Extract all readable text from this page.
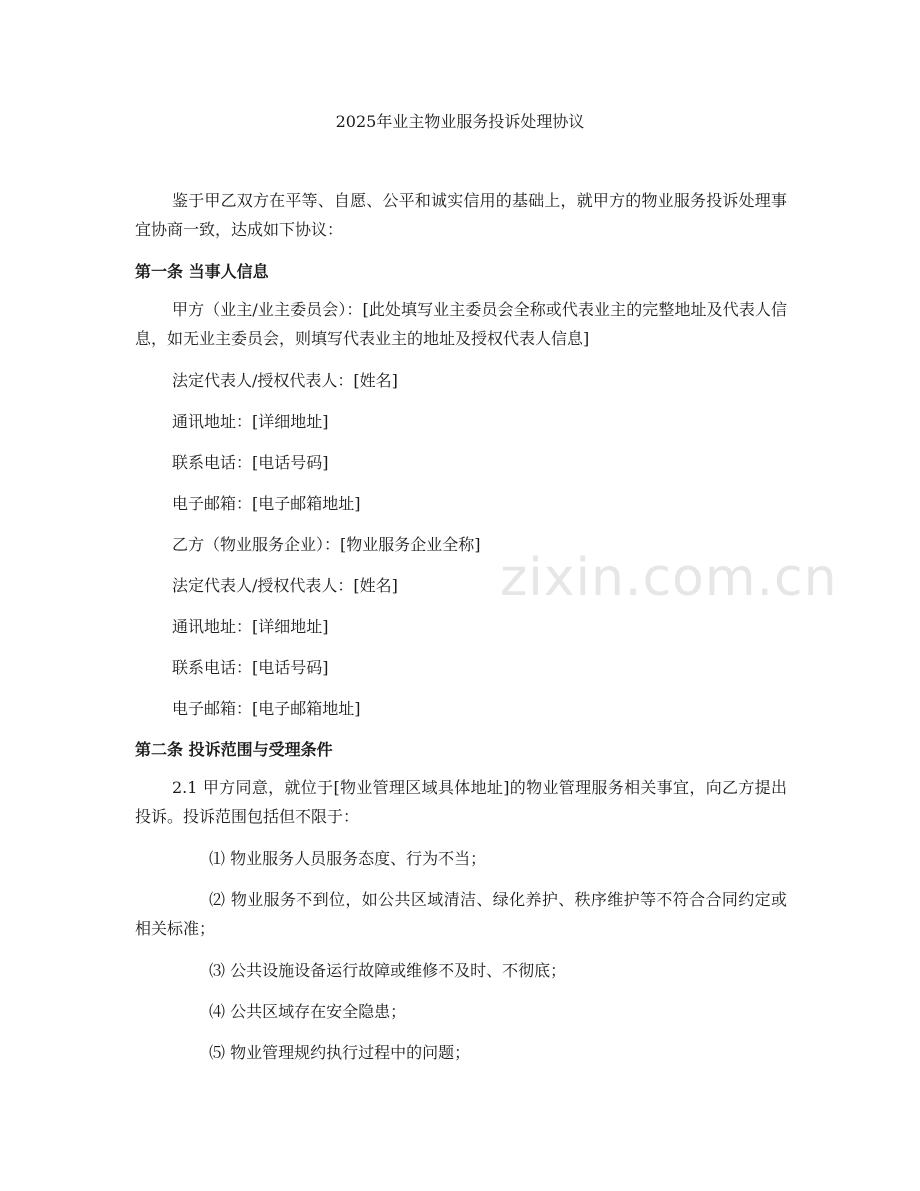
2025年业主物业服务投诉处理协议

鉴于甲乙双方在平等、自愿、公平和诚实信用的基础上，就甲方的物业服务投诉处理事宜协商一致，达成如下协议：

第一条 当事人信息

甲方（业主/业主委员会）：[此处填写业主委员会全称或代表业主的完整地址及代表人信息，如无业主委员会，则填写代表业主的地址及授权代表人信息]

法定代表人/授权代表人：[姓名]

通讯地址：[详细地址]

联系电话：[电话号码]

电子邮箱：[电子邮箱地址]

乙方（物业服务企业）：[物业服务企业全称]

法定代表人/授权代表人：[姓名]

通讯地址：[详细地址]

联系电话：[电话号码]

电子邮箱：[电子邮箱地址]

第二条 投诉范围与受理条件

2.1 甲方同意，就位于[物业管理区域具体地址]的物业管理服务相关事宜，向乙方提出投诉。投诉范围包括但不限于：

⑴ 物业服务人员服务态度、行为不当；

⑵ 物业服务不到位，如公共区域清洁、绿化养护、秩序维护等不符合合同约定或相关标准；

⑶ 公共设施设备运行故障或维修不及时、不彻底；

⑷ 公共区域存在安全隐患；

⑸ 物业管理规约执行过程中的问题；

zixin.com.cn
